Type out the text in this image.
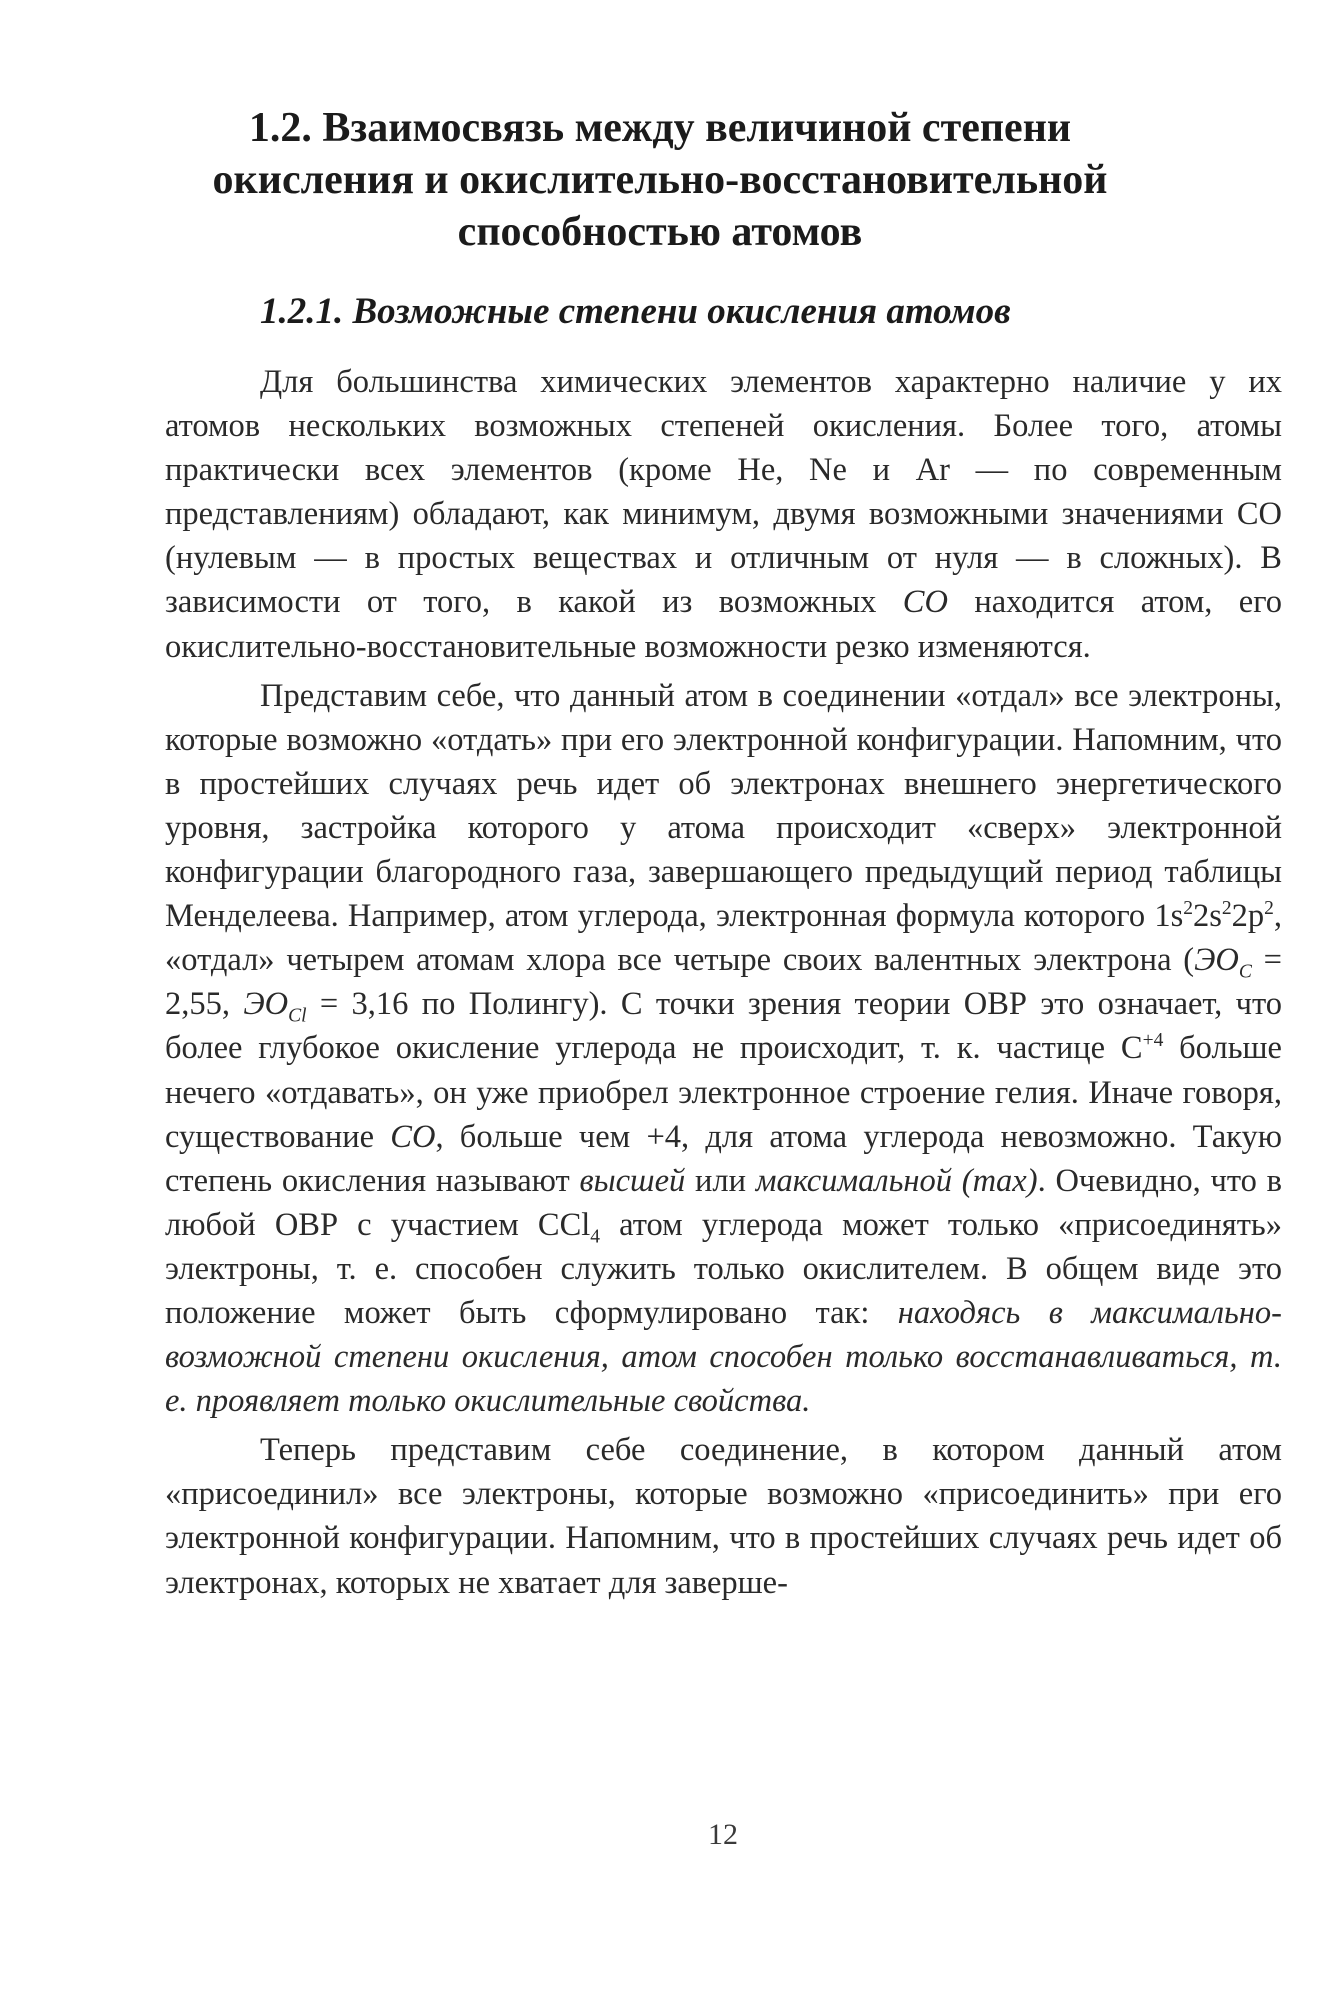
1.2. Взаимосвязь между величиной степени
окисления и окислительно-восстановительной
способностью атомов
1.2.1. Возможные степени окисления атомов

Для большинства химических элементов характерно наличие у их атомов нескольких возможных степеней окисления. Более того, атомы практически всех элементов (кроме He, Ne и Ar — по современным представлениям) обладают, как минимум, двумя возможными значениями СО (нулевым — в простых веществах и отличным от нуля — в сложных). В зависимости от того, в какой из возможных СО находится атом, его окислительно-восстановительные возможности резко изменяются.

Представим себе, что данный атом в соединении «отдал» все электроны, которые возможно «отдать» при его электронной конфигурации. Напомним, что в простейших случаях речь идет об электронах внешнего энергетического уровня, застройка которого у атома происходит «сверх» электронной конфигурации благородного газа, завершающего предыдущий период таблицы Менделеева. Например, атом углерода, электронная формула которого $1s^22s^22p^2$, «отдал» четырем атомам хлора все четыре своих валентных электрона ($ЭО_C = 2,55$, $ЭО_{Cl} = 3,16$ по Полингу). С точки зрения теории ОВР это означает, что более глубокое окисление углерода не происходит, т. к. частице $C^{+4}$ больше нечего «отдавать», он уже приобрел электронное строение гелия. Иначе говоря, существование СО, больше чем +4, для атома углерода невозможно. Такую степень окисления называют высшей или максимальной (max). Очевидно, что в любой ОВР с участием CCl$_4$ атом углерода может только «присоединять» электроны, т. е. способен служить только окислителем. В общем виде это положение может быть сформулировано так: находясь в максимально-возможной степени окисления, атом способен только восстанавливаться, т. е. проявляет только окислительные свойства.

Теперь представим себе соединение, в котором данный атом «присоединил» все электроны, которые возможно «присоединить» при его электронной конфигурации. Напомним, что в простейших случаях речь идет об электронах, которых не хватает для заверше-

12
